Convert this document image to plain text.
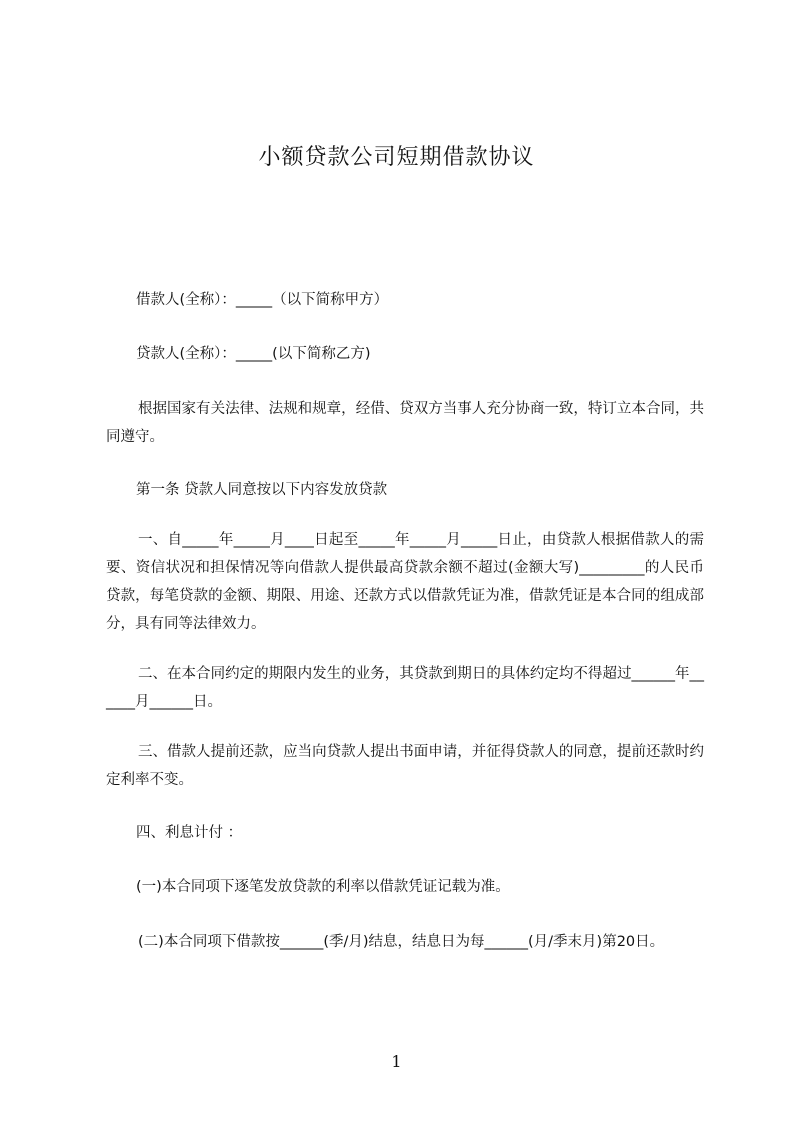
小额贷款公司短期借款协议

借款人(全称）：_____（以下简称甲方）

贷款人(全称）：_____(以下简称乙方)

根据国家有关法律、法规和规章，经借、贷双方当事人充分协商一致，特订立本合同，共同遵守。

第一条 贷款人同意按以下内容发放贷款

一、自_____年_____月____日起至_____年_____月_____日止，由贷款人根据借款人的需要、资信状况和担保情况等向借款人提供最高贷款余额不超过(金额大写)_________的人民币贷款，每笔贷款的金额、期限、用途、还款方式以借款凭证为准，借款凭证是本合同的组成部分，具有同等法律效力。

二、在本合同约定的期限内发生的业务，其贷款到期日的具体约定均不得超过______年______月______日。

三、借款人提前还款，应当向贷款人提出书面申请，并征得贷款人的同意，提前还款时约定利率不变。

四、利息计付 ：

(一)本合同项下逐笔发放贷款的利率以借款凭证记载为准。

(二)本合同项下借款按______(季/月)结息，结息日为每______(月/季末月)第20日。

1
